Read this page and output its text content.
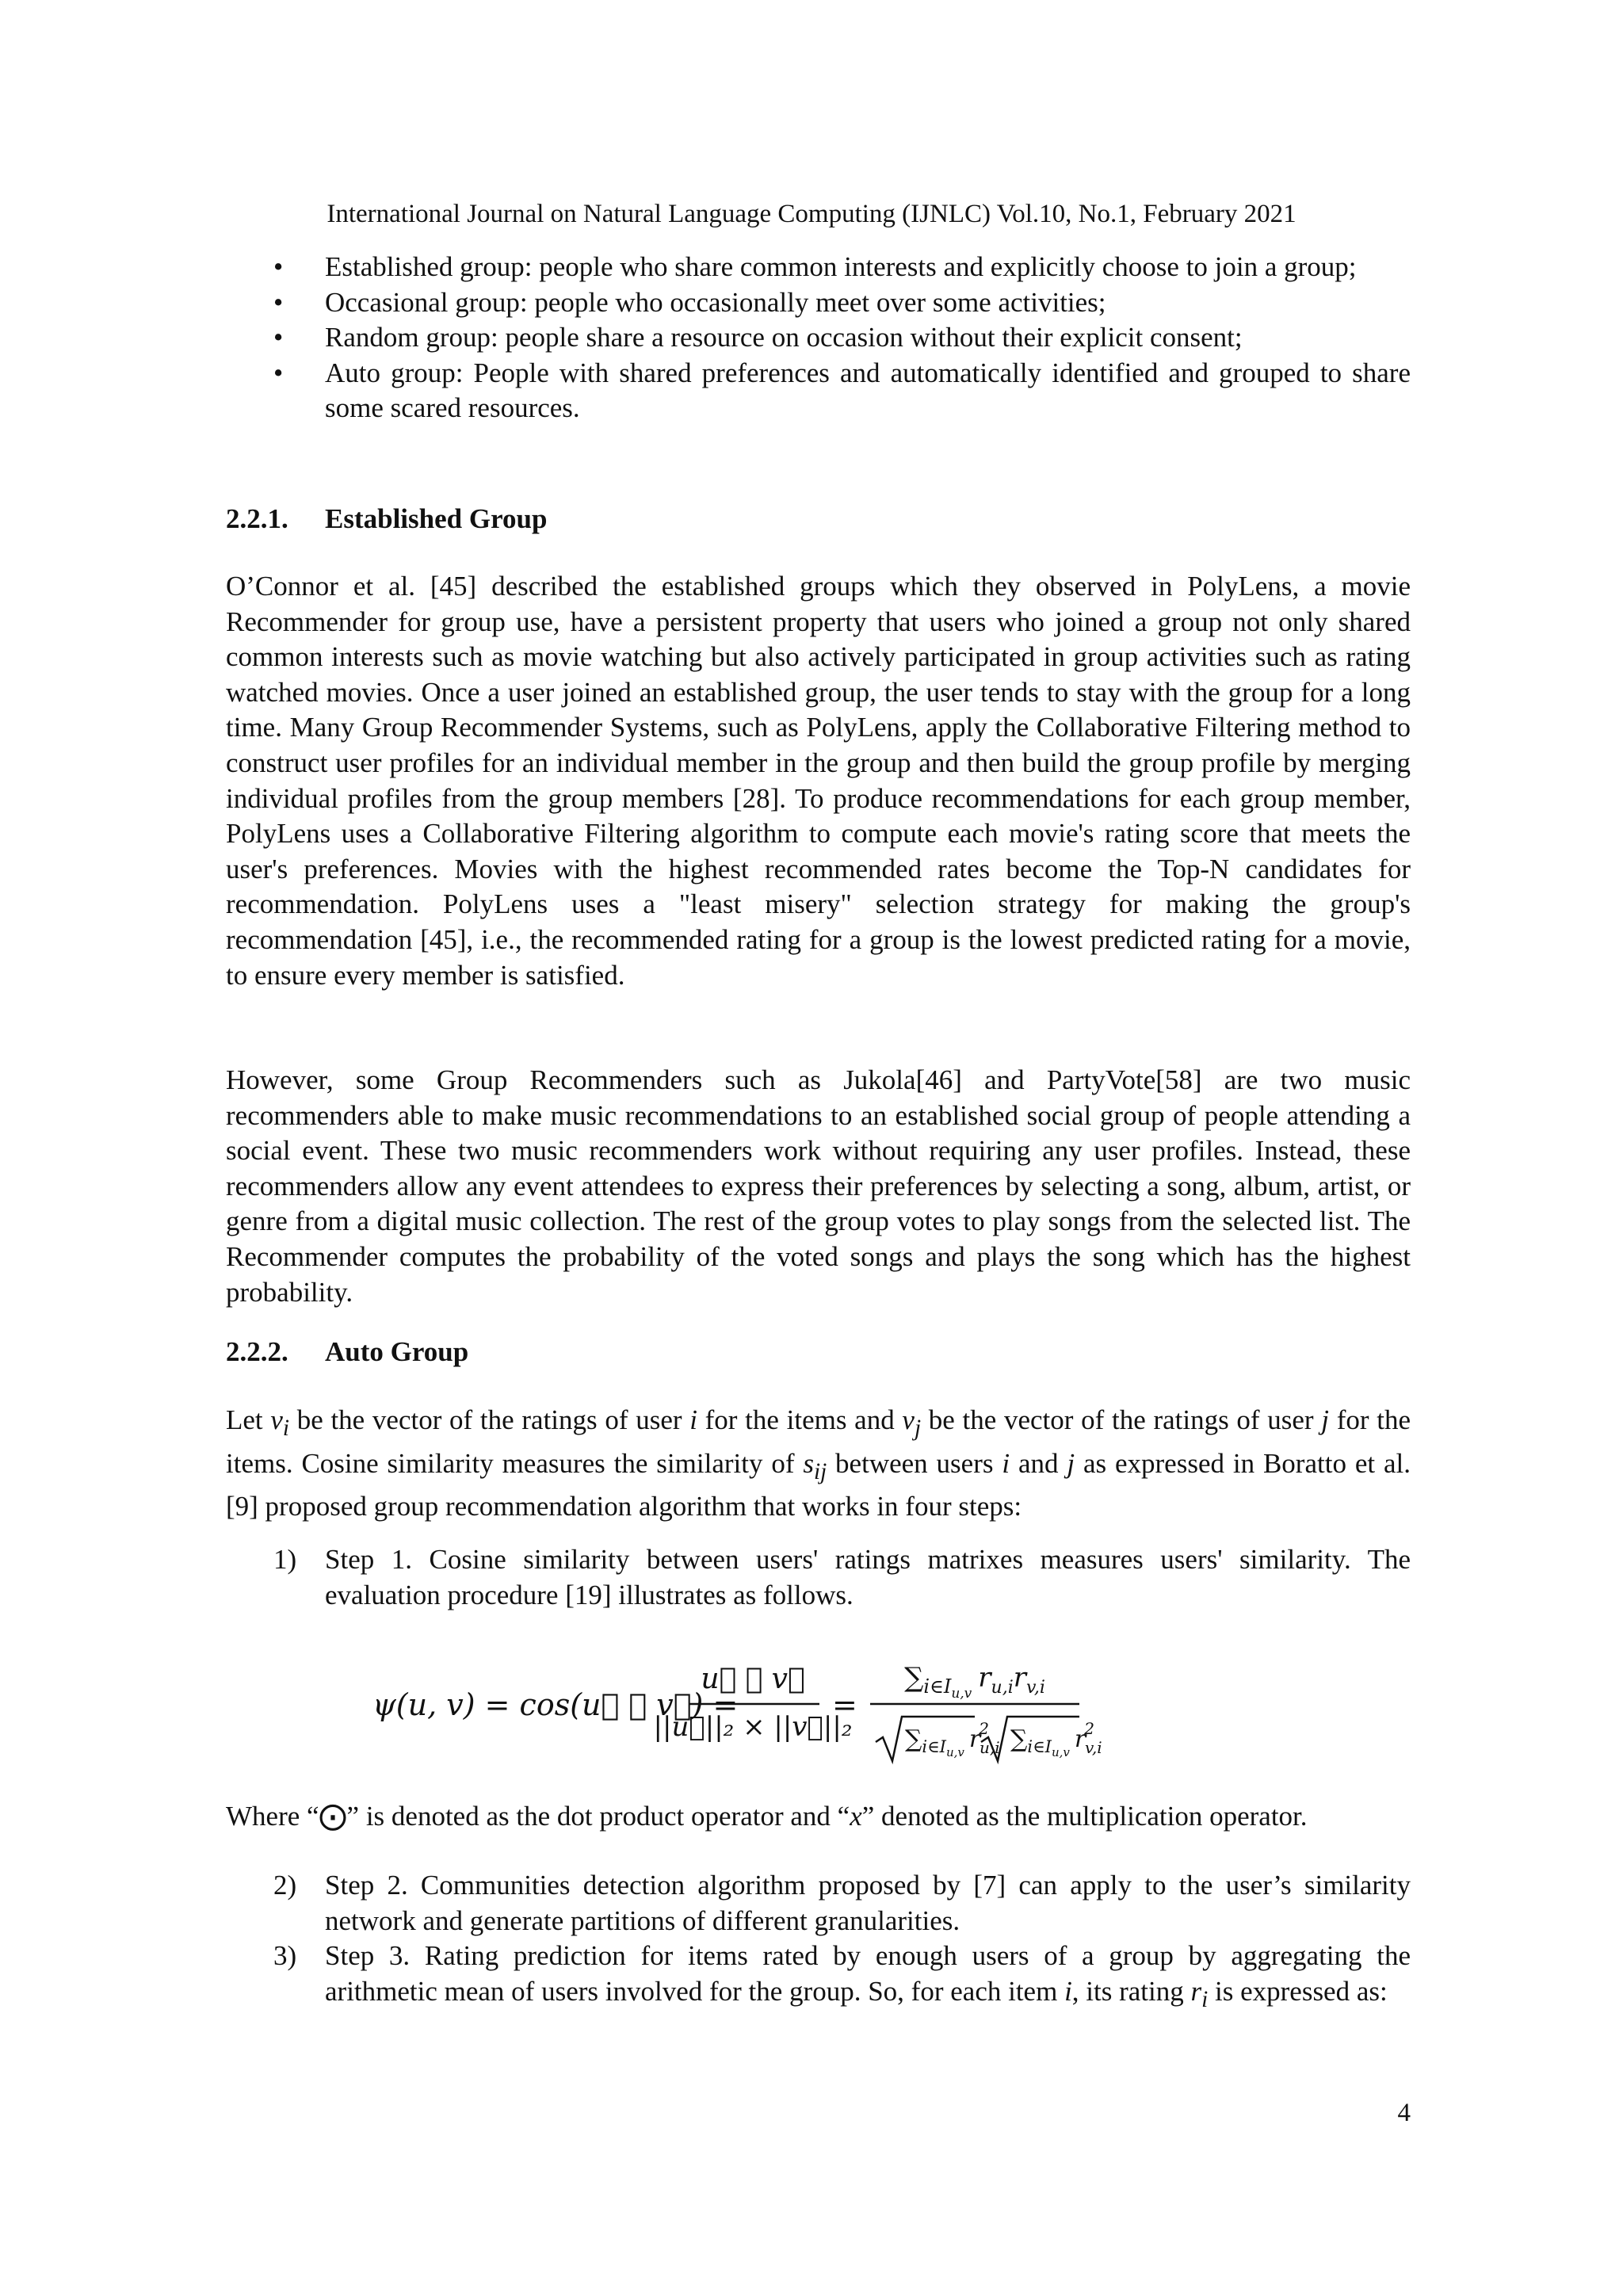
International Journal on Natural Language Computing (IJNLC) Vol.10, No.1, February 2021
• Established group: people who share common interests and explicitly choose to join a group;
• Occasional group: people who occasionally meet over some activities;
• Random group: people share a resource on occasion without their explicit consent;
• Auto group: People with shared preferences and automatically identified and grouped to share some scared resources.
2.2.1. Established Group

O’Connor et al. [45] described the established groups which they observed in PolyLens, a movie Recommender for group use, have a persistent property that users who joined a group not only shared common interests such as movie watching but also actively participated in group activities such as rating watched movies. Once a user joined an established group, the user tends to stay with the group for a long time. Many Group Recommender Systems, such as PolyLens, apply the Collaborative Filtering method to construct user profiles for an individual member in the group and then build the group profile by merging individual profiles from the group members [28]. To produce recommendations for each group member, PolyLens uses a Collaborative Filtering algorithm to compute each movie's rating score that meets the user's preferences. Movies with the highest recommended rates become the Top-N candidates for recommendation. PolyLens uses a "least misery" selection strategy for making the group's recommendation [45], i.e., the recommended rating for a group is the lowest predicted rating for a movie, to ensure every member is satisfied.

However, some Group Recommenders such as Jukola[46] and PartyVote[58] are two music recommenders able to make music recommendations to an established social group of people attending a social event. These two music recommenders work without requiring any user profiles. Instead, these recommenders allow any event attendees to express their preferences by selecting a song, album, artist, or genre from a digital music collection. The rest of the group votes to play songs from the selected list. The Recommender computes the probability of the voted songs and plays the song which has the highest probability.

2.2.2. Auto Group

Let $v_i$ be the vector of the ratings of user i for the items and $v_j$ be the vector of the ratings of user j for the items. Cosine similarity measures the similarity of $s_{ij}$ between users i and j as expressed in Boratto et al. [9] proposed group recommendation algorithm that works in four steps:

1) Step 1. Cosine similarity between users' ratings matrixes measures users' similarity. The evaluation procedure [19] illustrates as follows.
ψ(u, v) = cos(u⃗ ⨀ v⃗) =
u⃗ ⨀ v⃗
||u⃗||₂ × ||v⃗||₂
=
$\sum_{i\in I}u,v$ $r_{u,i}r_{v,i}$
$\sum_{i\in I}u,v$ r2 u,i $\sum_{i\in I}u,v$ r2 v,i

Where “⨀” is denoted as the dot product operator and “x” denoted as the multiplication operator.

2) Step 2. Communities detection algorithm proposed by [7] can apply to the user’s similarity network and generate partitions of different granularities.
3) Step 3. Rating prediction for items rated by enough users of a group by aggregating the arithmetic mean of users involved for the group. So, for each item i, its rating $r_i$ is expressed as:
4
